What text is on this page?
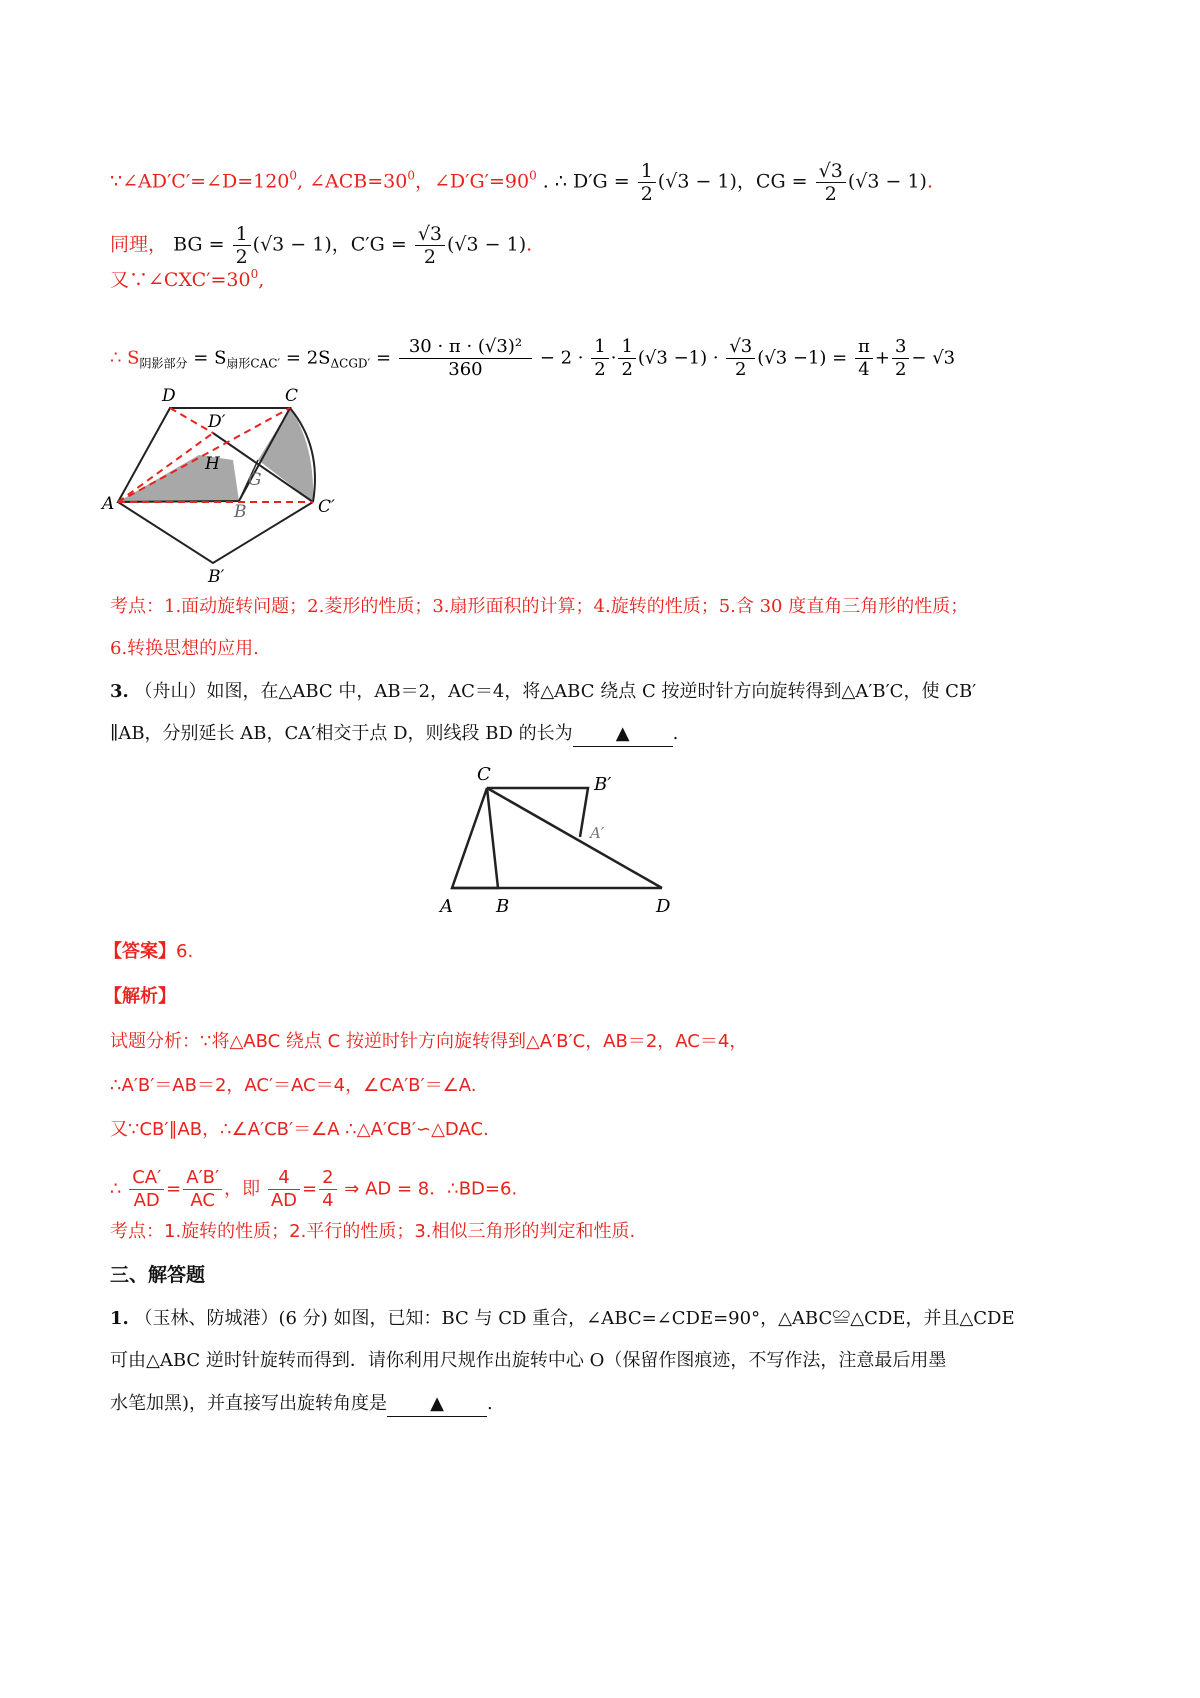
$\because\angle AD'C'=\angle D=120^0$, $\angle ACB=30^0$，$\angle D'G'=90^0$ . ∴ $D'G = \frac{1}{2} (√3 - 1)$，CG = $\frac{√3}{2} (√3 - 1)$.
同理， BG = $\frac{1}{2} (√3 - 1)$，$C'G = \frac{√3}{2} (√3 - 1)$.
又$\because\angle CXC'=30^0$,
∴ $S_{阴影部分} = S_{扇形CAC'} = 2S_{\Delta CGD'} = \frac{\text{30 · π · (√3)²}}{360} - 2 \cdot \frac{1}{2} \cdot \frac{1}{2} (√3 -1) \cdot \frac{√3}{2} (√3 -1) = \frac{\pi}{4} + \frac{3}{2} - √3$
D	C
D′
H
G
A	B	C′
B′
考点：1.面动旋转问题；2.菱形的性质；3.扇形面积的计算；4.旋转的性质；5.含 30 度直角三角形的性质；
6.转换思想的应用.
3. （舟山）如图，在△ABC 中，AB＝2，AC＝4，将△ABC 绕点 C 按逆时针方向旋转得到△A′B′C，使 CB′
∥AB，分别延长 AB，CA′相交于点 D，则线段 BD 的长为 ▲ .
C	B′
A′
A B	D
【答案】6.
【解析】
试题分析：∵将△ABC 绕点 C 按逆时针方向旋转得到△A′B′C，AB＝2，AC＝4，
∴A′B′＝AB＝2，AC′＝AC＝4，∠CA′B′＝∠A.
又∵CB′∥AB，∴∠A′CB′＝∠A ∴△A′CB′∽△DAC.
∴ $\frac{CA'}{AD} = \frac{A'B'}{AC}$ ，即 $\frac{4}{AD} = \frac{2}{4}$ ⇒ AD = 8．∴BD=6.
考点：1.旋转的性质；2.平行的性质；3.相似三角形的判定和性质.
三、解答题
1. （玉林、防城港）(6 分) 如图，已知：BC 与 CD 重合，∠ABC=∠CDE=90°，△ABC≌△CDE，并且△CDE
可由△ABC 逆时针旋转而得到．请你利用尺规作出旋转中心 O（保留作图痕迹，不写作法，注意最后用墨
水笔加黑)，并直接写出旋转角度是 ▲ .
